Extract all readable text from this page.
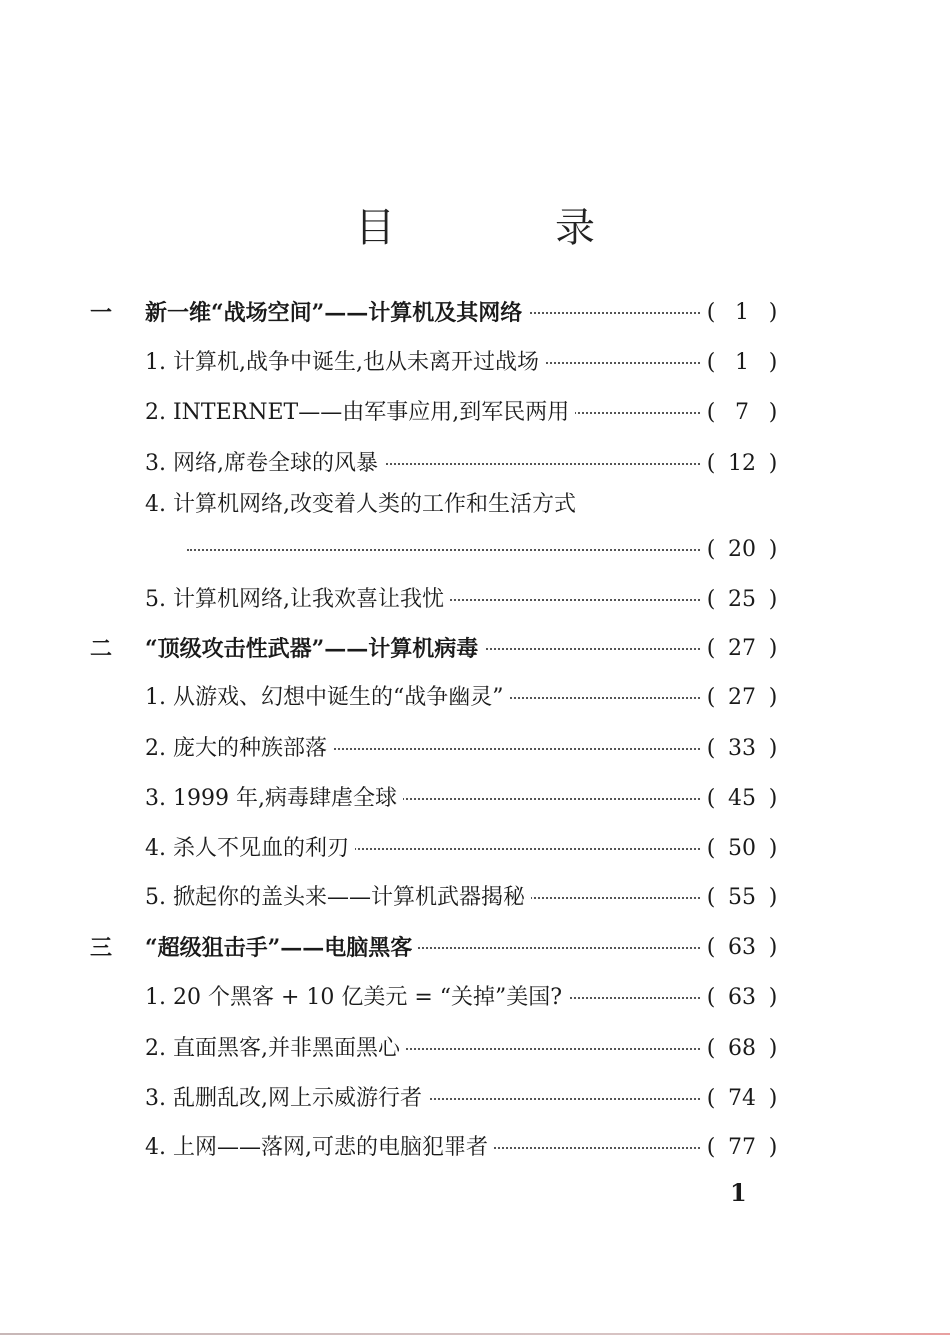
目　录
一	新一维“战场空间”——计算机及其网络	( 1 )
1. 计算机,战争中诞生,也从未离开过战场	( 1 )
2. INTERNET——由军事应用,到军民两用	( 7 )
3. 网络,席卷全球的风暴	( 12 )
4. 计算机网络,改变着人类的工作和生活方式
( 20 )
5. 计算机网络,让我欢喜让我忧	( 25 )
二	“顶级攻击性武器”——计算机病毒	( 27 )
1. 从游戏、幻想中诞生的“战争幽灵”	( 27 )
2. 庞大的种族部落	( 33 )
3. 1999 年,病毒肆虐全球	( 45 )
4. 杀人不见血的利刃	( 50 )
5. 掀起你的盖头来——计算机武器揭秘	( 55 )
三	“超级狙击手”——电脑黑客	( 63 )
1. 20 个黑客 + 10 亿美元 = “关掉”美国?	( 63 )
2. 直面黑客,并非黑面黑心	( 68 )
3. 乱删乱改,网上示威游行者	( 74 )
4. 上网——落网,可悲的电脑犯罪者	( 77 )
1
